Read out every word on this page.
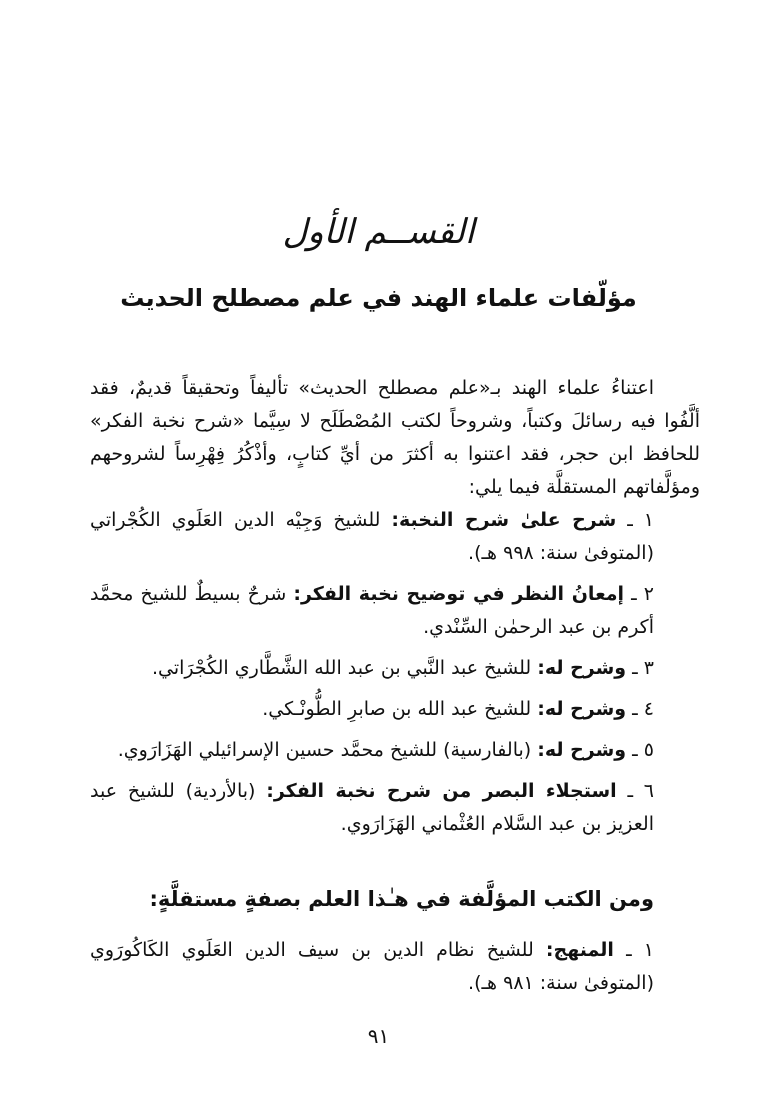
القســم الأول
مؤلّفات علماء الهند في علم مصطلح الحديث
اعتناءُ علماء الهند بـ«علم مصطلح الحديث» تأليفاً وتحقيقاً قديمٌ، فقد ألَّفُوا فيه رسائلَ وكتباً، وشروحاً لكتب المُصْطَلَح لا سِيَّما «شرح نخبة الفكر» للحافظ ابن حجر، فقد اعتنوا به أكثرَ من أيِّ كتابٍ، وأذْكُرُ فِهْرِساً لشروحهم ومؤلَّفاتهم المستقلَّة فيما يلي:
١ ـ شرح علىٰ شرح النخبة: للشيخ وَجِيْه الدين العَلَوي الكُجْراتي (المتوفىٰ سنة: ٩٩٨ هـ).
٢ ـ إمعانُ النظر في توضيح نخبة الفكر: شرحٌ بسيطٌ للشيخ محمَّد أكرم بن عبد الرحمٰن السِّنْدي.
٣ ـ وشرح له: للشيخ عبد النَّبي بن عبد الله الشَّطَّاري الكُجْرَاتي.
٤ ـ وشرح له: للشيخ عبد الله بن صابرِ الطُّونْـكي.
٥ ـ وشرح له: (بالفارسية) للشيخ محمَّد حسين الإسرائيلي الهَزَارَوي.
٦ ـ استجلاء البصر من شرح نخبة الفكر: (بالأردية) للشيخ عبد العزيز بن عبد السَّلام العُثْماني الهَزَارَوي.
ومن الكتب المؤلَّفة في هـٰذا العلم بصفةٍ مستقلَّةٍ:
١ ـ المنهج: للشيخ نظام الدين بن سيف الدين العَلَوي الكَاكُورَوي (المتوفىٰ سنة: ٩٨١ هـ).
٩١
